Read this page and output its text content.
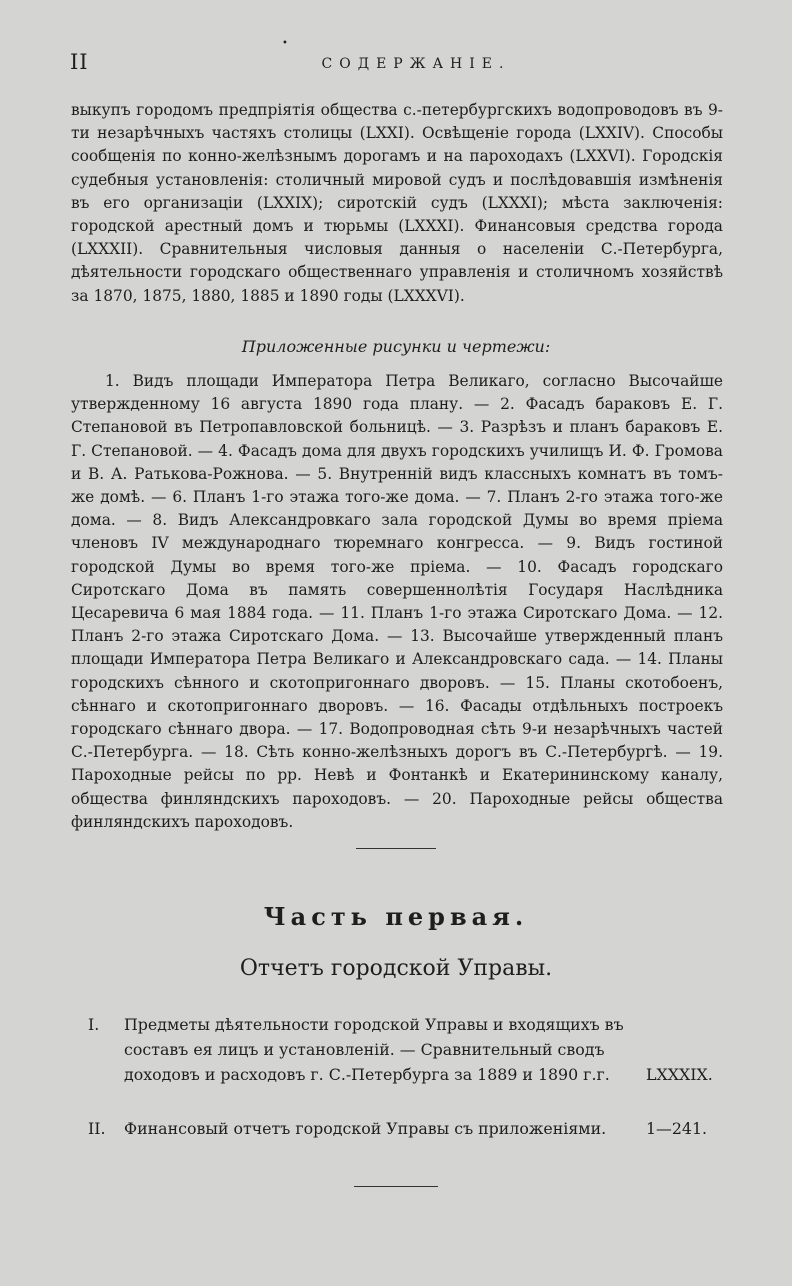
II
•
СОДЕРЖАНІЕ.
выкупъ городомъ предпріятія общества с.-петербургскихъ водопроводовъ въ 9-ти незарѣчныхъ частяхъ столицы (LXXI). Освѣщеніе города (LXXIV). Способы сообщенія по конно-желѣзнымъ дорогамъ и на пароходахъ (LXXVI). Городскія судебныя установленія: столичный мировой судъ и послѣдовавшія измѣненія въ его организаціи (LXXIX); сиротскій судъ (LXXXI); мѣста заключенія: городской арестный домъ и тюрьмы (LXXXI). Финансовыя средства города (LXXXII). Сравнительныя числовыя данныя о населеніи С.-Петербурга, дѣятельности городскаго общественнаго управленія и столичномъ хозяйствѣ за 1870, 1875, 1880, 1885 и 1890 годы (LXXXVI).
Приложенные рисунки и чертежи:
1. Видъ площади Императора Петра Великаго, согласно Высочайше утвержденному 16 августа 1890 года плану. — 2. Фасадъ бараковъ Е. Г. Степановой въ Петропавловской больницѣ. — 3. Разрѣзъ и планъ бараковъ Е. Г. Степановой. — 4. Фасадъ дома для двухъ городскихъ училищъ И. Ф. Громова и В. А. Ратькова-Рожнова. — 5. Внутренній видъ классныхъ комнатъ въ томъ-же домѣ. — 6. Планъ 1-го этажа того-же дома. — 7. Планъ 2-го этажа того-же дома. — 8. Видъ Александровкаго зала городской Думы во время пріема членовъ IV международнаго тюремнаго конгресса. — 9. Видъ гостиной городской Думы во время того-же пріема. — 10. Фасадъ городскаго Сиротскаго Дома въ память совершеннолѣтія Государя Наслѣдника Цесаревича 6 мая 1884 года. — 11. Планъ 1-го этажа Сиротскаго Дома. — 12. Планъ 2-го этажа Сиротскаго Дома. — 13. Высочайше утвержденный планъ площади Императора Петра Великаго и Александровскаго сада. — 14. Планы городскихъ сѣнного и скотопригоннаго дворовъ. — 15. Планы скотобоенъ, сѣннаго и скотопригоннаго дворовъ. — 16. Фасады отдѣльныхъ построекъ городскаго сѣннаго двора. — 17. Водопроводная сѣть 9-и незарѣчныхъ частей С.-Петербурга. — 18. Сѣть конно-желѣзныхъ дорогъ въ С.-Петербургѣ. — 19. Пароходные рейсы по рр. Невѣ и Фонтанкѣ и Екатерининскому каналу, общества финляндскихъ пароходовъ. — 20. Пароходные рейсы общества финляндскихъ пароходовъ.
Часть первая.
Отчетъ городской Управы.
I. Предметы дѣятельности городской Управы и входящихъ въ составъ ея лицъ и установленій. — Сравнительный сводъ доходовъ и расходовъ г. С.-Петербурга за 1889 и 1890 г.г.	LXXXIX.
II. Финансовый отчетъ городской Управы съ приложеніями.	1—241.
